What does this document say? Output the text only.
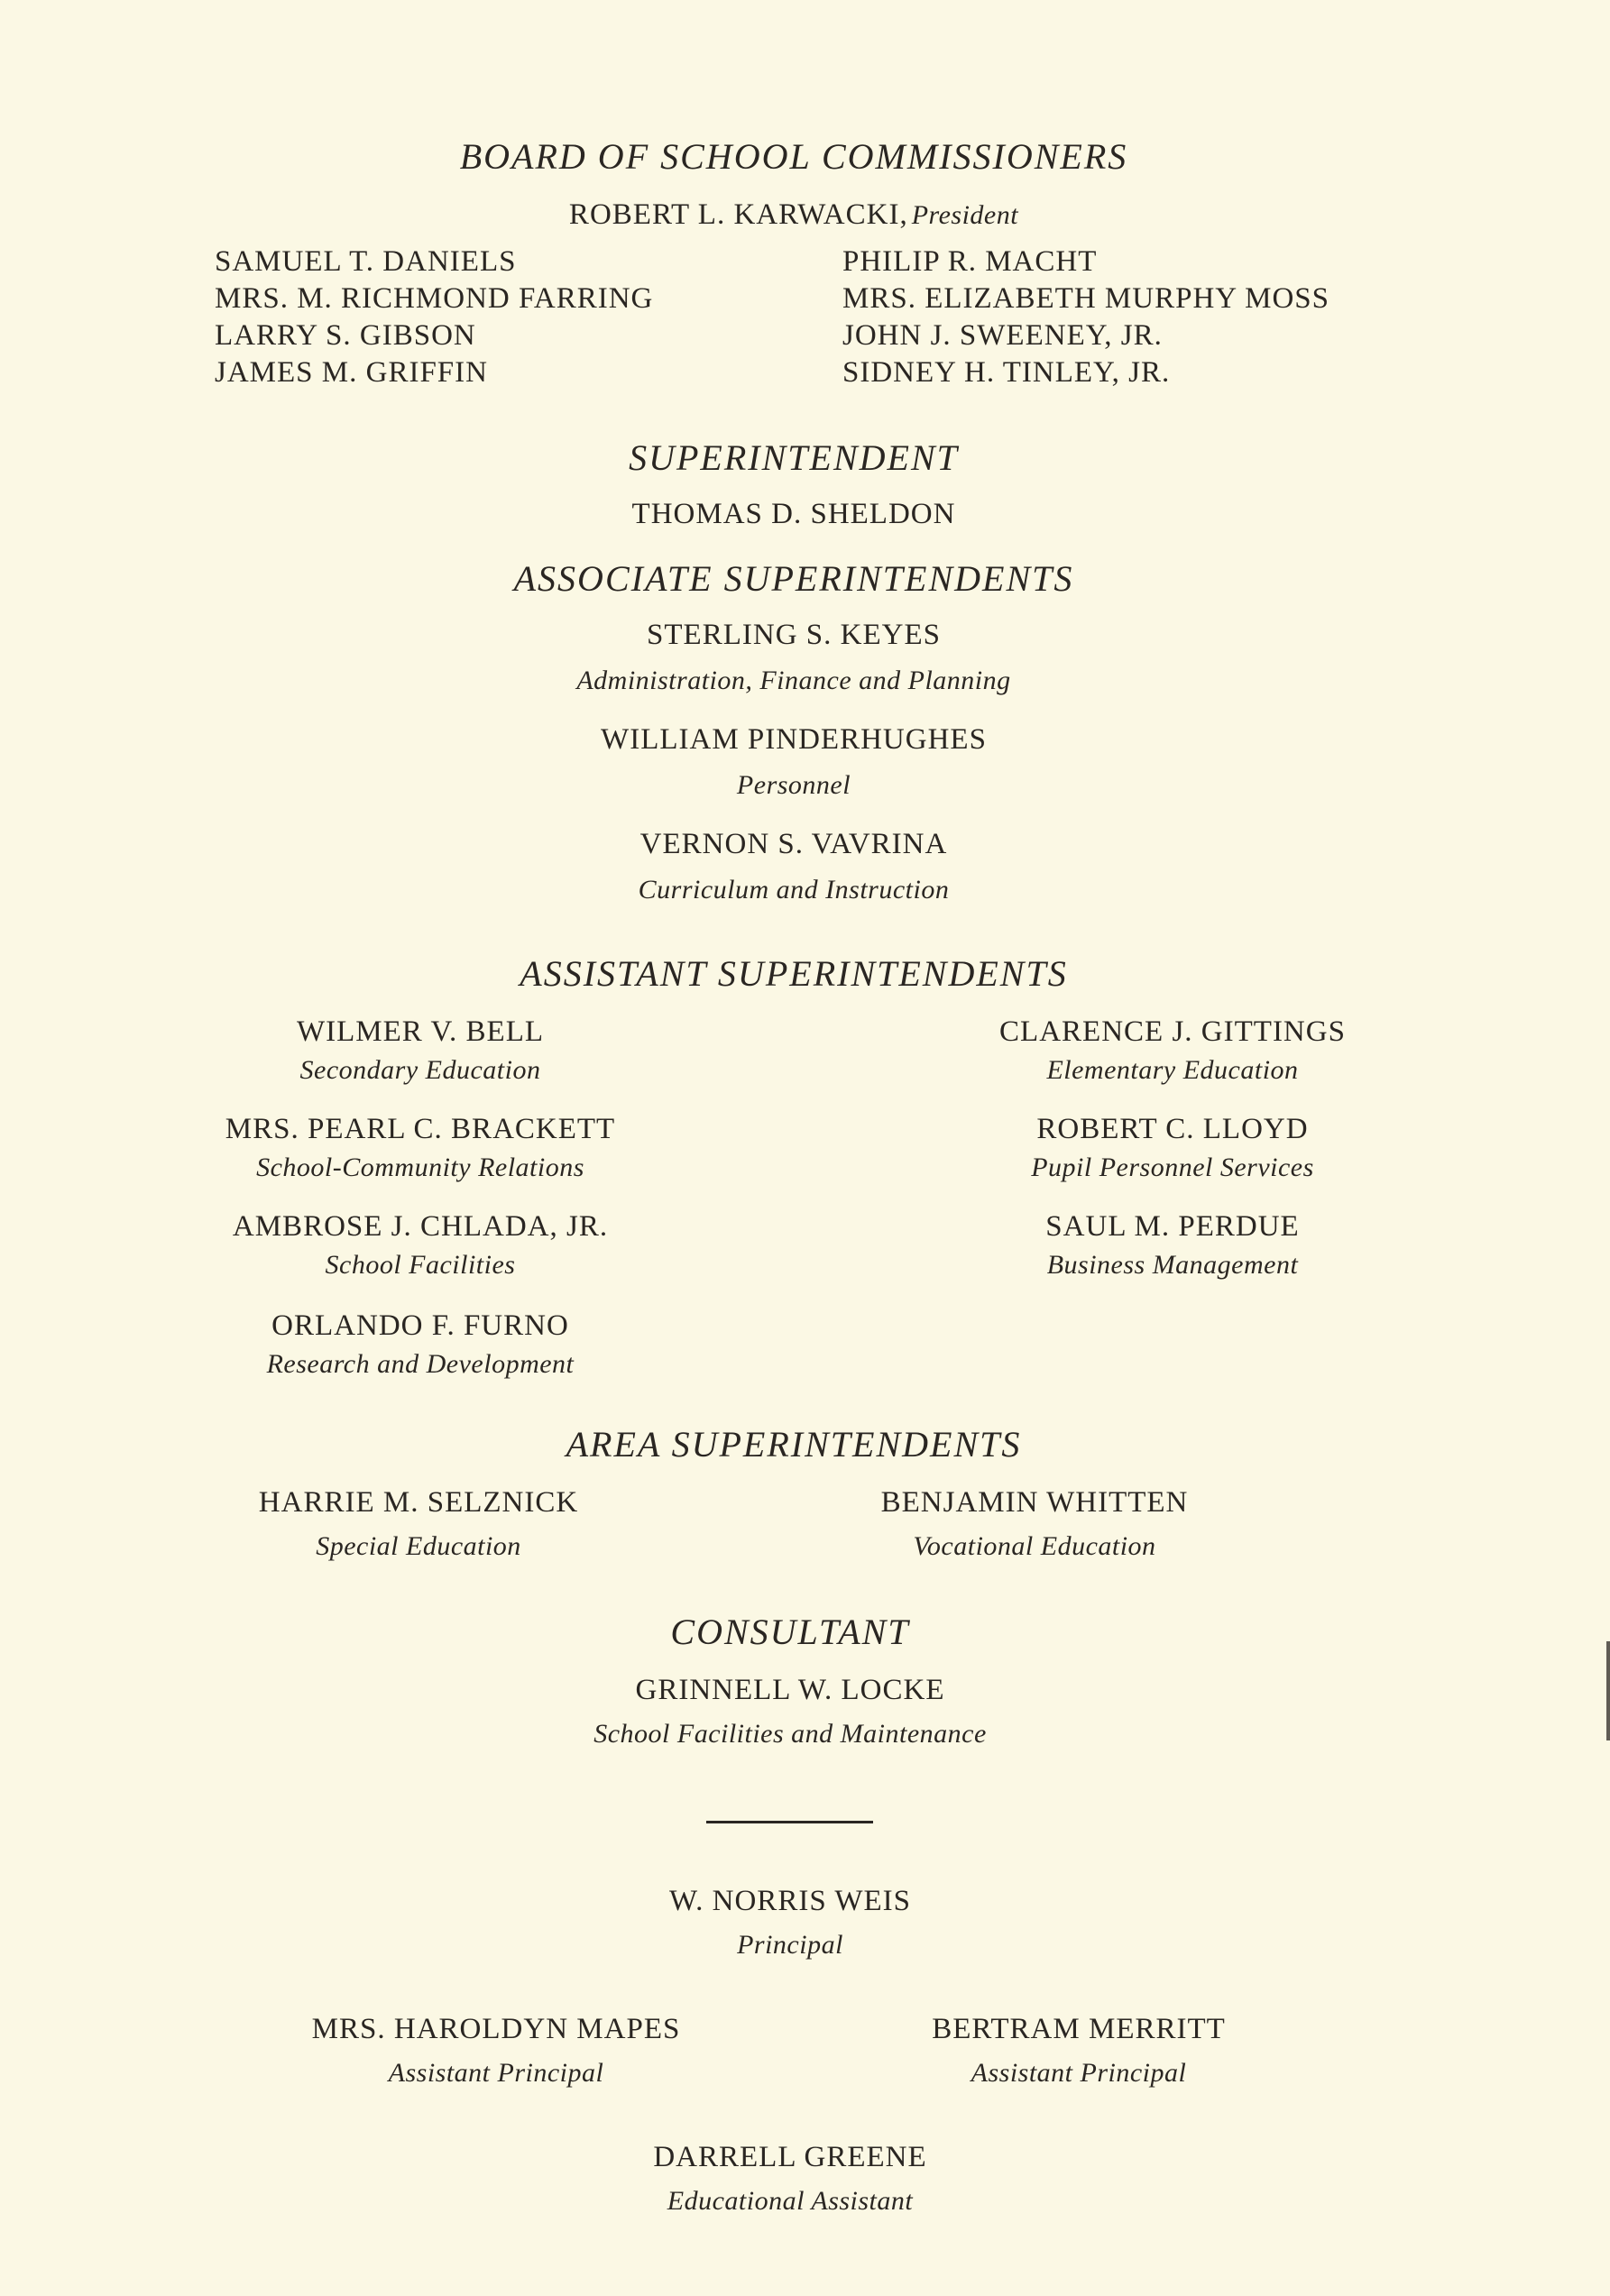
BOARD OF SCHOOL COMMISSIONERS
ROBERT L. KARWACKI, President
SAMUEL T. DANIELS
MRS. M. RICHMOND FARRING
LARRY S. GIBSON
JAMES M. GRIFFIN
PHILIP R. MACHT
MRS. ELIZABETH MURPHY MOSS
JOHN J. SWEENEY, JR.
SIDNEY H. TINLEY, JR.
SUPERINTENDENT
THOMAS D. SHELDON
ASSOCIATE SUPERINTENDENTS
STERLING S. KEYES
Administration, Finance and Planning
WILLIAM PINDERHUGHES
Personnel
VERNON S. VAVRINA
Curriculum and Instruction
ASSISTANT SUPERINTENDENTS
WILMER V. BELL
Secondary Education
MRS. PEARL C. BRACKETT
School-Community Relations
AMBROSE J. CHLADA, JR.
School Facilities
ORLANDO F. FURNO
Research and Development
CLARENCE J. GITTINGS
Elementary Education
ROBERT C. LLOYD
Pupil Personnel Services
SAUL M. PERDUE
Business Management
AREA SUPERINTENDENTS
HARRIE M. SELZNICK
Special Education
BENJAMIN WHITTEN
Vocational Education
CONSULTANT
GRINNELL W. LOCKE
School Facilities and Maintenance
W. NORRIS WEIS
Principal
MRS. HAROLDYN MAPES
Assistant Principal
BERTRAM MERRITT
Assistant Principal
DARRELL GREENE
Educational Assistant
